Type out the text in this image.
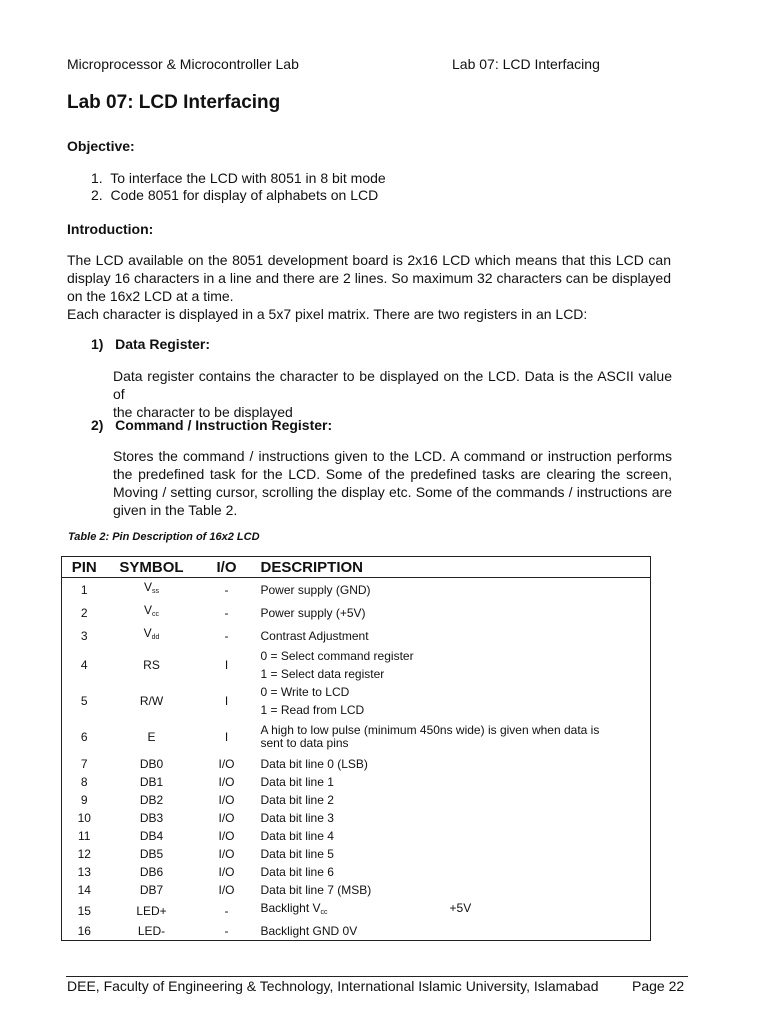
Microprocessor & Microcontroller Lab	Lab 07: LCD Interfacing
Lab 07: LCD Interfacing
Objective:
1. To interface the LCD with 8051 in 8 bit mode
2. Code 8051 for display of alphabets on LCD
Introduction:
The LCD available on the 8051 development board is 2x16 LCD which means that this LCD can
display 16 characters in a line and there are 2 lines. So maximum 32 characters can be displayed
on the 16x2 LCD at a time.
Each character is displayed in a 5x7 pixel matrix. There are two registers in an LCD:
1) Data Register:
Data register contains the character to be displayed on the LCD. Data is the ASCII value of
the character to be displayed
2) Command / Instruction Register:
Stores the command / instructions given to the LCD. A command or instruction performs
the predefined task for the LCD. Some of the predefined tasks are clearing the screen,
Moving / setting cursor, scrolling the display etc. Some of the commands / instructions are
given in the Table 2.
Table 2: Pin Description of 16x2 LCD
PIN	SYMBOL	I/O	DESCRIPTION
1	$V_{ss}$	-	Power supply (GND)

2	$V_{cc}$	-	Power supply (+5V)

3	$V_{dd}$	-	Contrast Adjustment

4	RS	I	0 = Select command register
1 = Select data register

5	R/W	I	0 = Write to LCD
1 = Read from LCD

6	E	I	A high to low pulse (minimum 450ns wide) is given when data is
sent to data pins

7	DB0	I/O	Data bit line 0 (LSB)

8	DB1	I/O	Data bit line 1

9	DB2	I/O	Data bit line 2

10	DB3	I/O	Data bit line 3

11	DB4	I/O	Data bit line 4

12	DB5	I/O	Data bit line 5

13	DB6	I/O	Data bit line 6

14	DB7	I/O	Data bit line 7 (MSB)

15	LED+	-	Backlight $V_{cc} +5V$
16	LED-	-	Backlight GND 0V
DEE, Faculty of Engineering & Technology, International Islamic University, Islamabad Page 22
